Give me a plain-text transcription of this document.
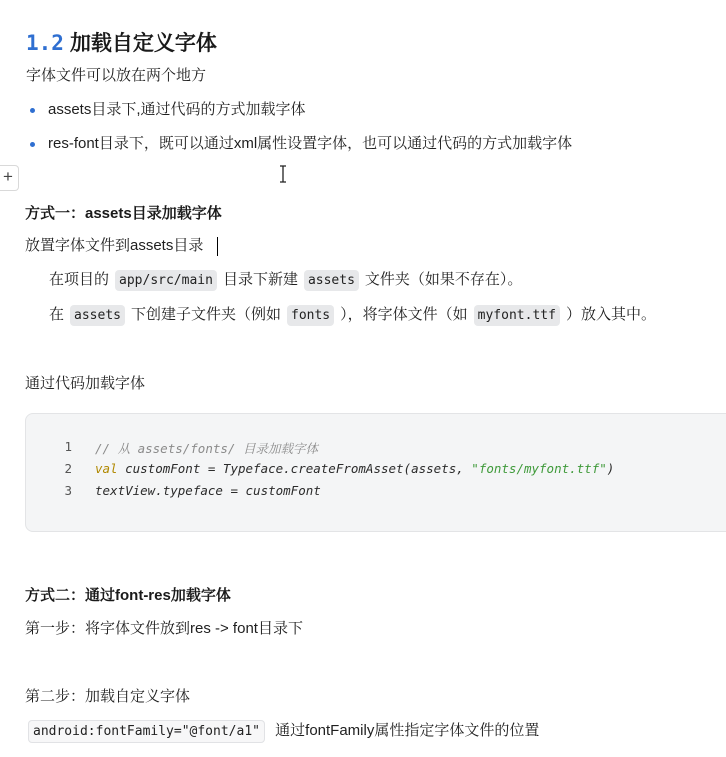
1.2 加载自定义字体
字体文件可以放在两个地方
assets目录下,通过代码的方式加载字体
res-font目录下，既可以通过xml属性设置字体，也可以通过代码的方式加载字体
+
方式一：assets目录加载字体
放置字体文件到assets目录
在项目的 app/src/main 目录下新建 assets 文件夹（如果不存在）。
在 assets 下创建子文件夹（例如 fonts ），将字体文件（如 myfont.ttf ）放入其中。
通过代码加载字体
1 // 从 assets/fonts/ 目录加载字体
2 val customFont = Typeface.createFromAsset(assets, "fonts/myfont.ttf")
3 textView.typeface = customFont
方式二：通过font-res加载字体
第一步：将字体文件放到res -> font目录下
第二步：加载自定义字体
android:fontFamily="@font/a1" 通过fontFamily属性指定字体文件的位置
